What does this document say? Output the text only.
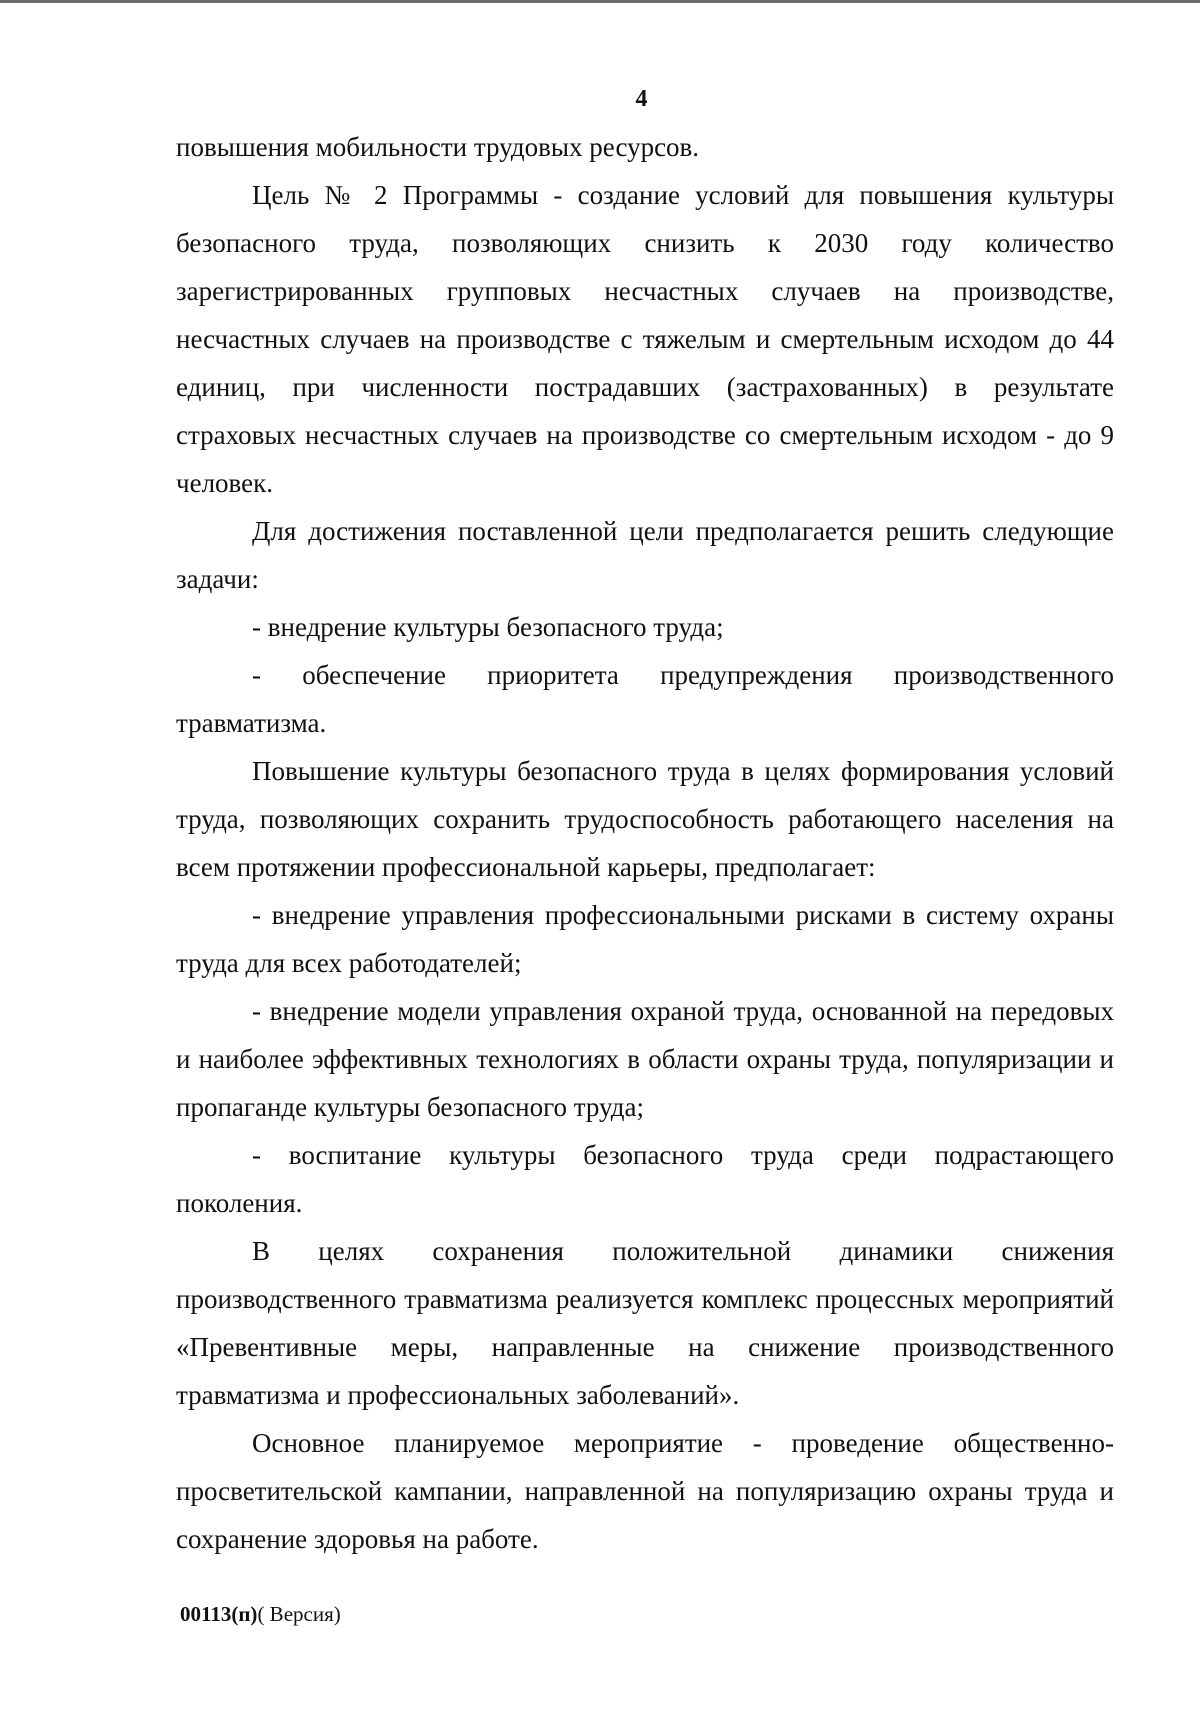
4

повышения мобильности трудовых ресурсов.

Цель № 2 Программы - создание условий для повышения культуры безопасного труда, позволяющих снизить к 2030 году количество зарегистрированных групповых несчастных случаев на производстве, несчастных случаев на производстве с тяжелым и смертельным исходом до 44 единиц, при численности пострадавших (застрахованных) в результате страховых несчастных случаев на производстве со смертельным исходом - до 9 человек.

Для достижения поставленной цели предполагается решить следующие задачи:

- внедрение культуры безопасного труда;

- обеспечение приоритета предупреждения производственного травматизма.

Повышение культуры безопасного труда в целях формирования условий труда, позволяющих сохранить трудоспособность работающего населения на всем протяжении профессиональной карьеры, предполагает:

- внедрение управления профессиональными рисками в систему охраны труда для всех работодателей;

- внедрение модели управления охраной труда, основанной на передовых и наиболее эффективных технологиях в области охраны труда, популяризации и пропаганде культуры безопасного труда;

- воспитание культуры безопасного труда среди подрастающего поколения.

В целях сохранения положительной динамики снижения производственного травматизма реализуется комплекс процессных мероприятий «Превентивные меры, направленные на снижение производственного травматизма и профессиональных заболеваний».

Основное планируемое мероприятие - проведение общественно-просветительской кампании, направленной на популяризацию охраны труда и сохранение здоровья на работе.

00113(п)( Версия)
